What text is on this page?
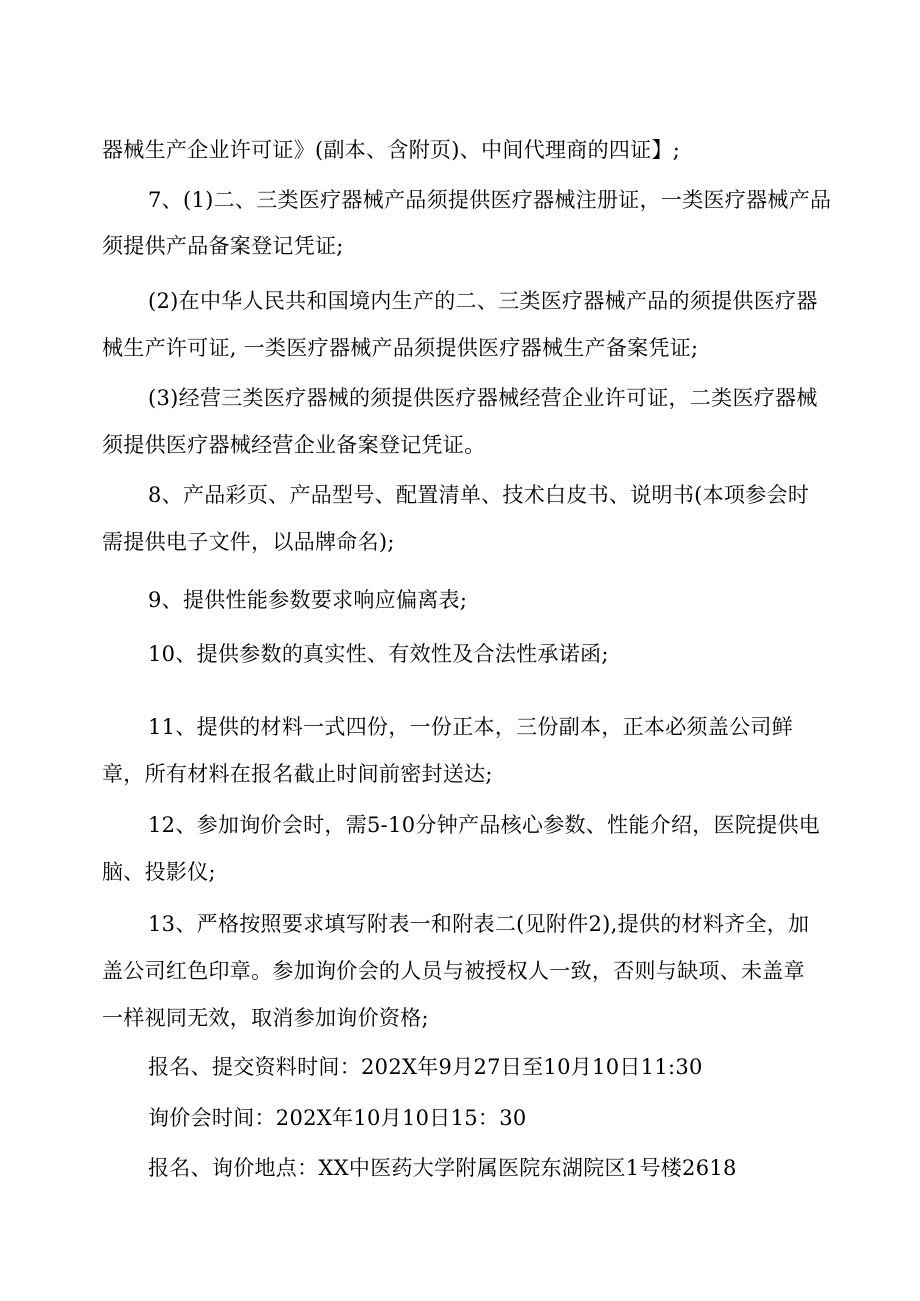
器械生产企业许可证》(副本、含附页)、中间代理商的四证】;
7、(1)二、三类医疗器械产品须提供医疗器械注册证，一类医疗器械产品
须提供产品备案登记凭证;
(2)在中华人民共和国境内生产的二、三类医疗器械产品的须提供医疗器
械生产许可证, 一类医疗器械产品须提供医疗器械生产备案凭证;
(3)经营三类医疗器械的须提供医疗器械经营企业许可证，二类医疗器械
须提供医疗器械经营企业备案登记凭证。
8、产品彩页、产品型号、配置清单、技术白皮书、说明书(本项参会时
需提供电子文件，以品牌命名);
9、提供性能参数要求响应偏离表;
10、提供参数的真实性、有效性及合法性承诺函;
11、提供的材料一式四份，一份正本，三份副本，正本必须盖公司鲜
章，所有材料在报名截止时间前密封送达;
12、参加询价会时，需5-10分钟产品核心参数、性能介绍，医院提供电
脑、投影仪;
13、严格按照要求填写附表一和附表二(见附件2),提供的材料齐全，加
盖公司红色印章。参加询价会的人员与被授权人一致，否则与缺项、未盖章
一样视同无效，取消参加询价资格;
报名、提交资料时间：202X年9月27日至10月10日11:30
询价会时间：202X年10月10日15：30
报名、询价地点：XX中医药大学附属医院东湖院区1号楼2618
